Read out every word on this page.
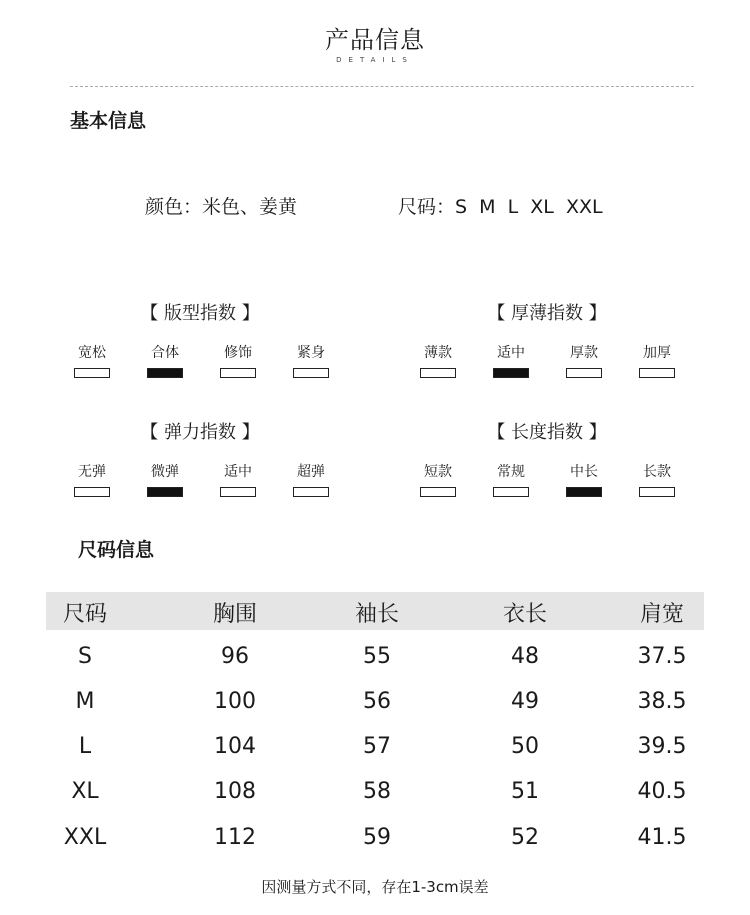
产品信息
DETAILS
基本信息
颜色：米色、姜黄	尺码：S  M  L  XL  XXL
【 版型指数 】
宽松	合体	修饰	紧身
【 厚薄指数 】
薄款	适中	厚款	加厚
【 弹力指数 】
无弹	微弹	适中	超弹
【 长度指数 】
短款	常规	中长	长款
尺码信息
尺码	胸围	袖长	衣长	肩宽
S	96	55	48	37.5
M	100	56	49	38.5
L	104	57	50	39.5
XL	108	58	51	40.5
XXL	112	59	52	41.5
因测量方式不同，存在1-3cm误差
